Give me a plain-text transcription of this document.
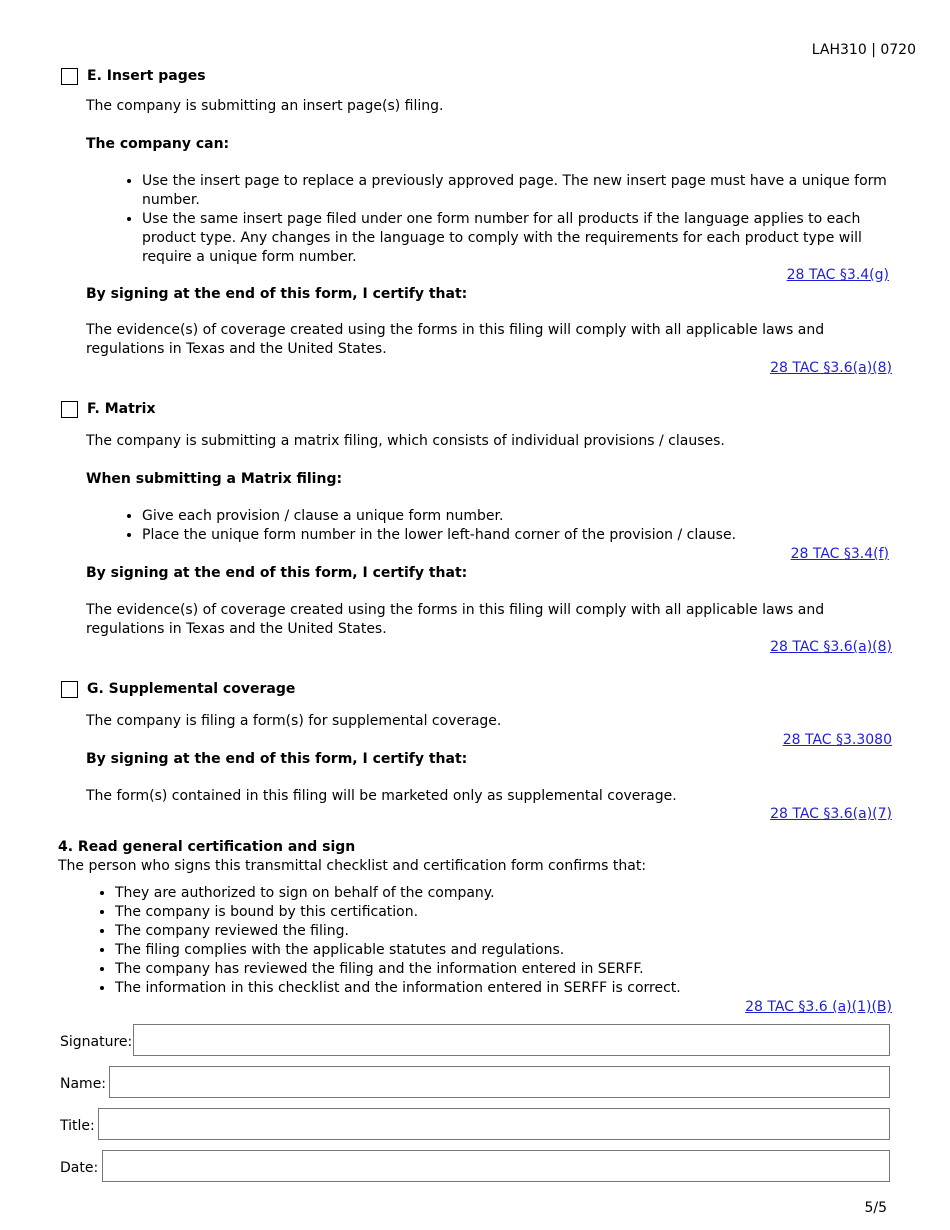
LAH310 | 0720
E. Insert pages
The company is submitting an insert page(s) filing.
The company can:
• Use the insert page to replace a previously approved page. The new insert page must have a unique form number.
• Use the same insert page filed under one form number for all products if the language applies to each product type. Any changes in the language to comply with the requirements for each product type will require a unique form number.
28 TAC §3.4(g)
By signing at the end of this form, I certify that:
The evidence(s) of coverage created using the forms in this filing will comply with all applicable laws and regulations in Texas and the United States.
28 TAC §3.6(a)(8)
F. Matrix
The company is submitting a matrix filing, which consists of individual provisions / clauses.
When submitting a Matrix filing:
• Give each provision / clause a unique form number.
• Place the unique form number in the lower left-hand corner of the provision / clause.
28 TAC §3.4(f)
By signing at the end of this form, I certify that:
The evidence(s) of coverage created using the forms in this filing will comply with all applicable laws and regulations in Texas and the United States.
28 TAC §3.6(a)(8)
G. Supplemental coverage
The company is filing a form(s) for supplemental coverage.
28 TAC §3.3080
By signing at the end of this form, I certify that:
The form(s) contained in this filing will be marketed only as supplemental coverage.
28 TAC §3.6(a)(7)
4. Read general certification and sign
The person who signs this transmittal checklist and certification form confirms that:
• They are authorized to sign on behalf of the company.
• The company is bound by this certification.
• The company reviewed the filing.
• The filing complies with the applicable statutes and regulations.
• The company has reviewed the filing and the information entered in SERFF.
• The information in this checklist and the information entered in SERFF is correct.
28 TAC §3.6 (a)(1)(B)
Signature:
Name:
Title:
Date:
5/5
